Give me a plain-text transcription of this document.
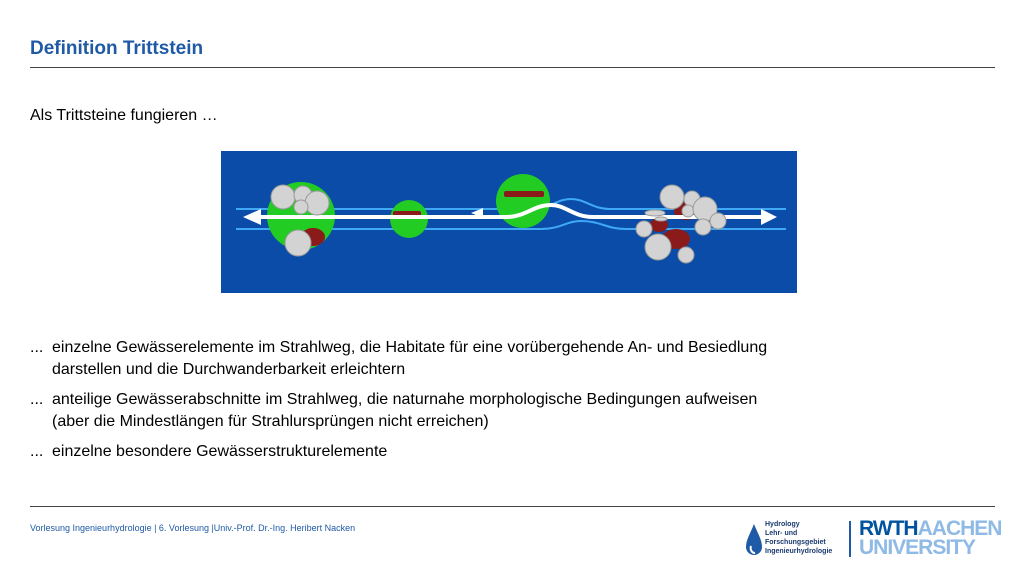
Definition Trittstein
Als Trittsteine fungieren …
... einzelne Gewässerelemente im Strahlweg, die Habitate für eine vorübergehende An- und Besiedlung
darstellen und die Durchwanderbarkeit erleichtern
... anteilige Gewässerabschnitte im Strahlweg, die naturnahe morphologische Bedingungen aufweisen
(aber die Mindestlängen für Strahlursprüngen nicht erreichen)
... einzelne besondere Gewässerstrukturelemente
Vorlesung Ingenieurhydrologie | 6. Vorlesung |Univ.-Prof. Dr.-Ing. Heribert Nacken	Hydrology
Lehr- und
Forschungsgebiet
Ingenieurhydrologie
RWTHAACHEN
UNIVERSITY
